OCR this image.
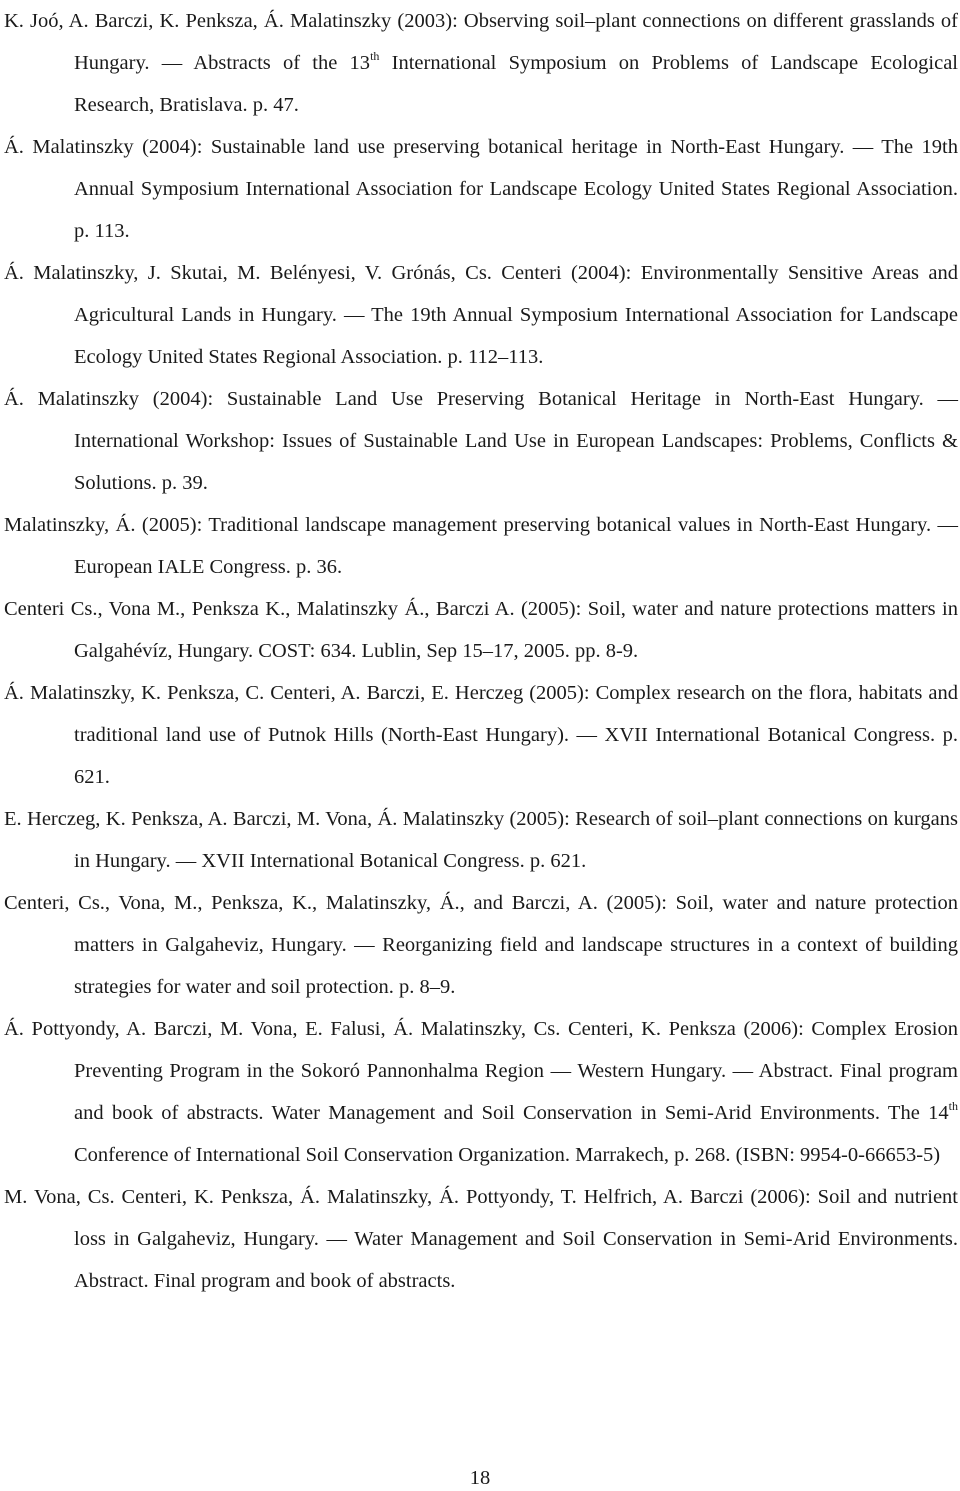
K. Joó, A. Barczi, K. Penksza, Á. Malatinszky (2003): Observing soil–plant connections on different grasslands of Hungary. — Abstracts of the 13th International Symposium on Problems of Landscape Ecological Research, Bratislava. p. 47.
Á. Malatinszky (2004): Sustainable land use preserving botanical heritage in North-East Hungary. — The 19th Annual Symposium International Association for Landscape Ecology United States Regional Association. p. 113.
Á. Malatinszky, J. Skutai, M. Belényesi, V. Grónás, Cs. Centeri (2004): Environmentally Sensitive Areas and Agricultural Lands in Hungary. — The 19th Annual Symposium International Association for Landscape Ecology United States Regional Association. p. 112–113.
Á. Malatinszky (2004): Sustainable Land Use Preserving Botanical Heritage in North-East Hungary. — International Workshop: Issues of Sustainable Land Use in European Landscapes: Problems, Conflicts & Solutions. p. 39.
Malatinszky, Á. (2005): Traditional landscape management preserving botanical values in North-East Hungary. — European IALE Congress. p. 36.
Centeri Cs., Vona M., Penksza K., Malatinszky Á., Barczi A. (2005): Soil, water and nature protections matters in Galgahévíz, Hungary. COST: 634. Lublin, Sep 15–17, 2005. pp. 8-9.
Á. Malatinszky, K. Penksza, C. Centeri, A. Barczi, E. Herczeg (2005): Complex research on the flora, habitats and traditional land use of Putnok Hills (North-East Hungary). — XVII International Botanical Congress. p. 621.
E. Herczeg, K. Penksza, A. Barczi, M. Vona, Á. Malatinszky (2005): Research of soil–plant connections on kurgans in Hungary. — XVII International Botanical Congress. p. 621.
Centeri, Cs., Vona, M., Penksza, K., Malatinszky, Á., and Barczi, A. (2005): Soil, water and nature protection matters in Galgaheviz, Hungary. — Reorganizing field and landscape structures in a context of building strategies for water and soil protection. p. 8–9.
Á. Pottyondy, A. Barczi, M. Vona, E. Falusi, Á. Malatinszky, Cs. Centeri, K. Penksza (2006): Complex Erosion Preventing Program in the Sokoró Pannonhalma Region — Western Hungary. — Abstract. Final program and book of abstracts. Water Management and Soil Conservation in Semi-Arid Environments. The 14th Conference of International Soil Conservation Organization. Marrakech, p. 268. (ISBN: 9954-0-66653-5)
M. Vona, Cs. Centeri, K. Penksza, Á. Malatinszky, Á. Pottyondy, T. Helfrich, A. Barczi (2006): Soil and nutrient loss in Galgaheviz, Hungary. — Water Management and Soil Conservation in Semi-Arid Environments. Abstract. Final program and book of abstracts.
18
